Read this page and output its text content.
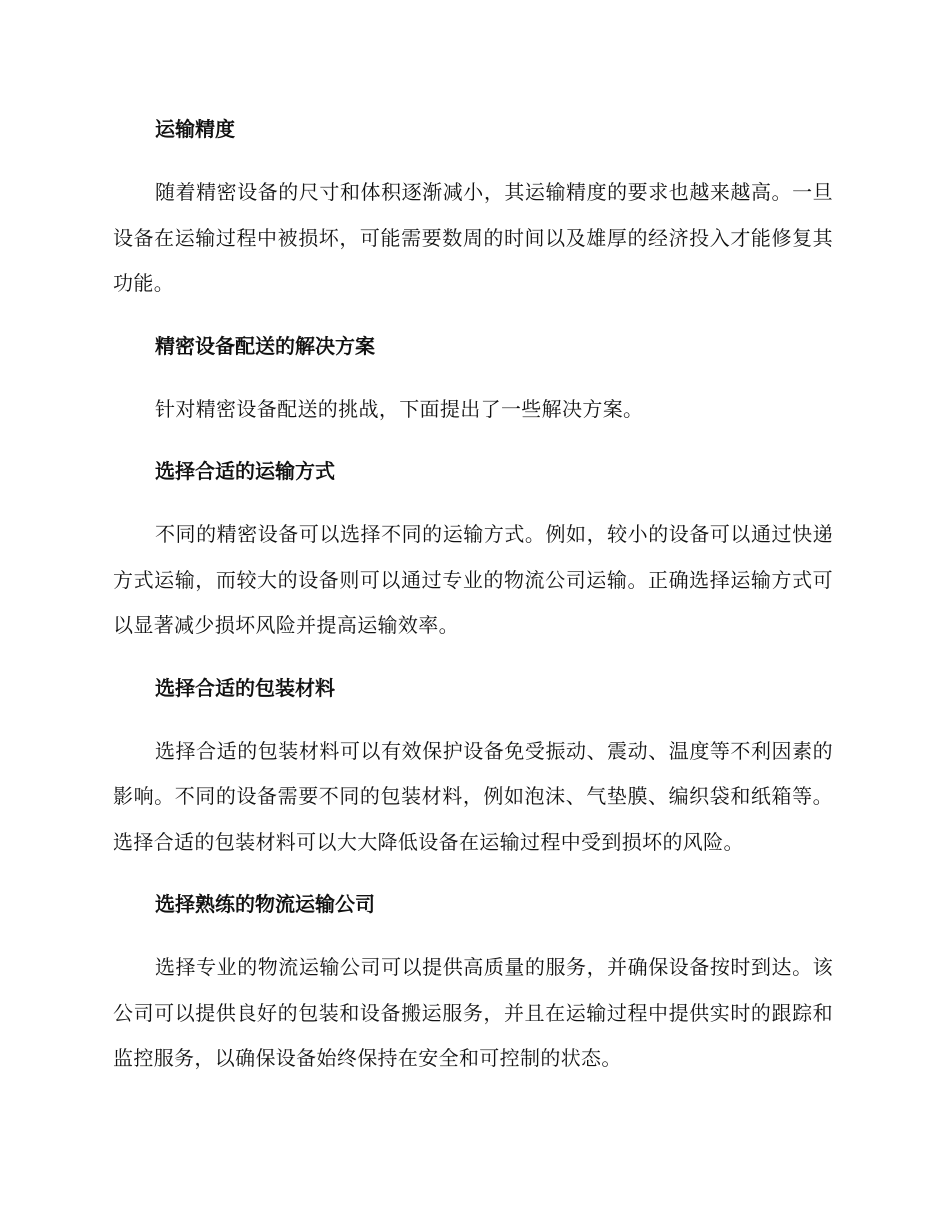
运输精度

随着精密设备的尺寸和体积逐渐减小，其运输精度的要求也越来越高。一旦设备在运输过程中被损坏，可能需要数周的时间以及雄厚的经济投入才能修复其功能。

精密设备配送的解决方案

针对精密设备配送的挑战，下面提出了一些解决方案。

选择合适的运输方式

不同的精密设备可以选择不同的运输方式。例如，较小的设备可以通过快递方式运输，而较大的设备则可以通过专业的物流公司运输。正确选择运输方式可以显著减少损坏风险并提高运输效率。

选择合适的包装材料

选择合适的包装材料可以有效保护设备免受振动、震动、温度等不利因素的影响。不同的设备需要不同的包装材料，例如泡沫、气垫膜、编织袋和纸箱等。选择合适的包装材料可以大大降低设备在运输过程中受到损坏的风险。

选择熟练的物流运输公司

选择专业的物流运输公司可以提供高质量的服务，并确保设备按时到达。该公司可以提供良好的包装和设备搬运服务，并且在运输过程中提供实时的跟踪和监控服务，以确保设备始终保持在安全和可控制的状态。
